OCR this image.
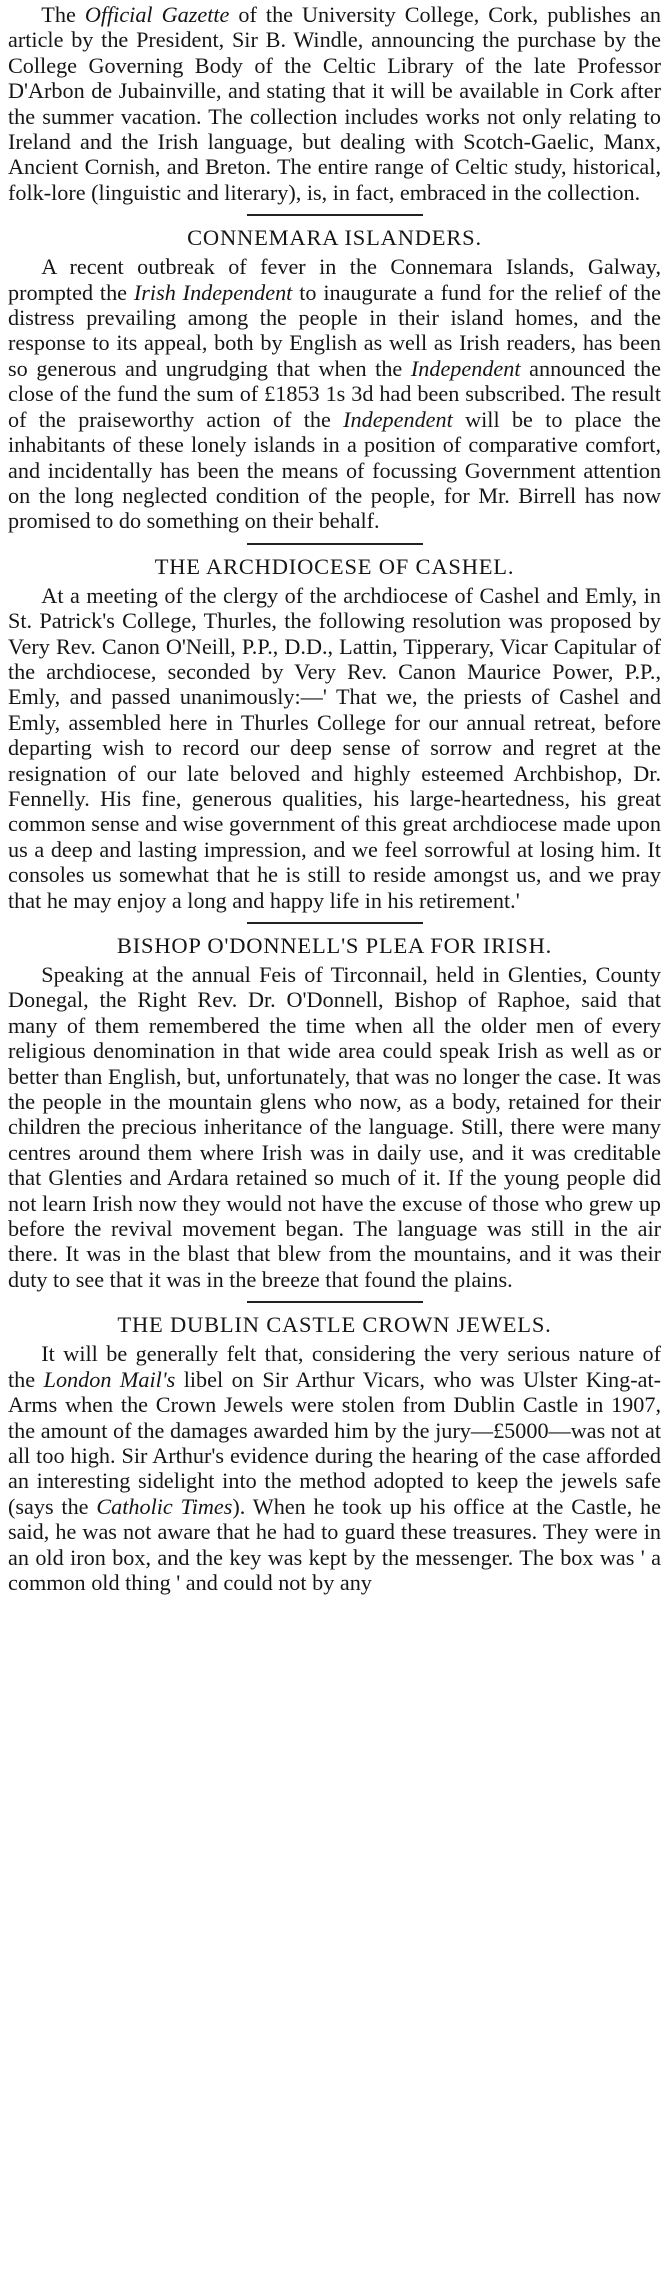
The Official Gazette of the University College, Cork, publishes an article by the President, Sir B. Windle, announcing the purchase by the College Governing Body of the Celtic Library of the late Professor D'Arbon de Jubainville, and stating that it will be available in Cork after the summer vacation. The collection includes works not only relating to Ireland and the Irish language, but dealing with Scotch-Gaelic, Manx, Ancient Cornish, and Breton. The entire range of Celtic study, historical, folk-lore (linguistic and literary), is, in fact, embraced in the collection.

CONNEMARA ISLANDERS.

A recent outbreak of fever in the Connemara Islands, Galway, prompted the Irish Independent to inaugurate a fund for the relief of the distress prevailing among the people in their island homes, and the response to its appeal, both by English as well as Irish readers, has been so generous and ungrudging that when the Independent announced the close of the fund the sum of £1853 1s 3d had been subscribed. The result of the praiseworthy action of the Independent will be to place the inhabitants of these lonely islands in a position of comparative comfort, and incidentally has been the means of focussing Government attention on the long neglected condition of the people, for Mr. Birrell has now promised to do something on their behalf.

THE ARCHDIOCESE OF CASHEL.

At a meeting of the clergy of the archdiocese of Cashel and Emly, in St. Patrick's College, Thurles, the following resolution was proposed by Very Rev. Canon O'Neill, P.P., D.D., Lattin, Tipperary, Vicar Capitular of the archdiocese, seconded by Very Rev. Canon Maurice Power, P.P., Emly, and passed unanimously:—' That we, the priests of Cashel and Emly, assembled here in Thurles College for our annual retreat, before departing wish to record our deep sense of sorrow and regret at the resignation of our late beloved and highly esteemed Archbishop, Dr. Fennelly. His fine, generous qualities, his large-heartedness, his great common sense and wise government of this great archdiocese made upon us a deep and lasting impression, and we feel sorrowful at losing him. It consoles us somewhat that he is still to reside amongst us, and we pray that he may enjoy a long and happy life in his retirement.'

BISHOP O'DONNELL'S PLEA FOR IRISH.

Speaking at the annual Feis of Tirconnail, held in Glenties, County Donegal, the Right Rev. Dr. O'Donnell, Bishop of Raphoe, said that many of them remembered the time when all the older men of every religious denomination in that wide area could speak Irish as well as or better than English, but, unfortunately, that was no longer the case. It was the people in the mountain glens who now, as a body, retained for their children the precious inheritance of the language. Still, there were many centres around them where Irish was in daily use, and it was creditable that Glenties and Ardara retained so much of it. If the young people did not learn Irish now they would not have the excuse of those who grew up before the revival movement began. The language was still in the air there. It was in the blast that blew from the mountains, and it was their duty to see that it was in the breeze that found the plains.

THE DUBLIN CASTLE CROWN JEWELS.

It will be generally felt that, considering the very serious nature of the London Mail's libel on Sir Arthur Vicars, who was Ulster King-at-Arms when the Crown Jewels were stolen from Dublin Castle in 1907, the amount of the damages awarded him by the jury—£5000—was not at all too high. Sir Arthur's evidence during the hearing of the case afforded an interesting sidelight into the method adopted to keep the jewels safe (says the Catholic Times). When he took up his office at the Castle, he said, he was not aware that he had to guard these treasures. They were in an old iron box, and the key was kept by the messenger. The box was ' a common old thing ' and could not by any
